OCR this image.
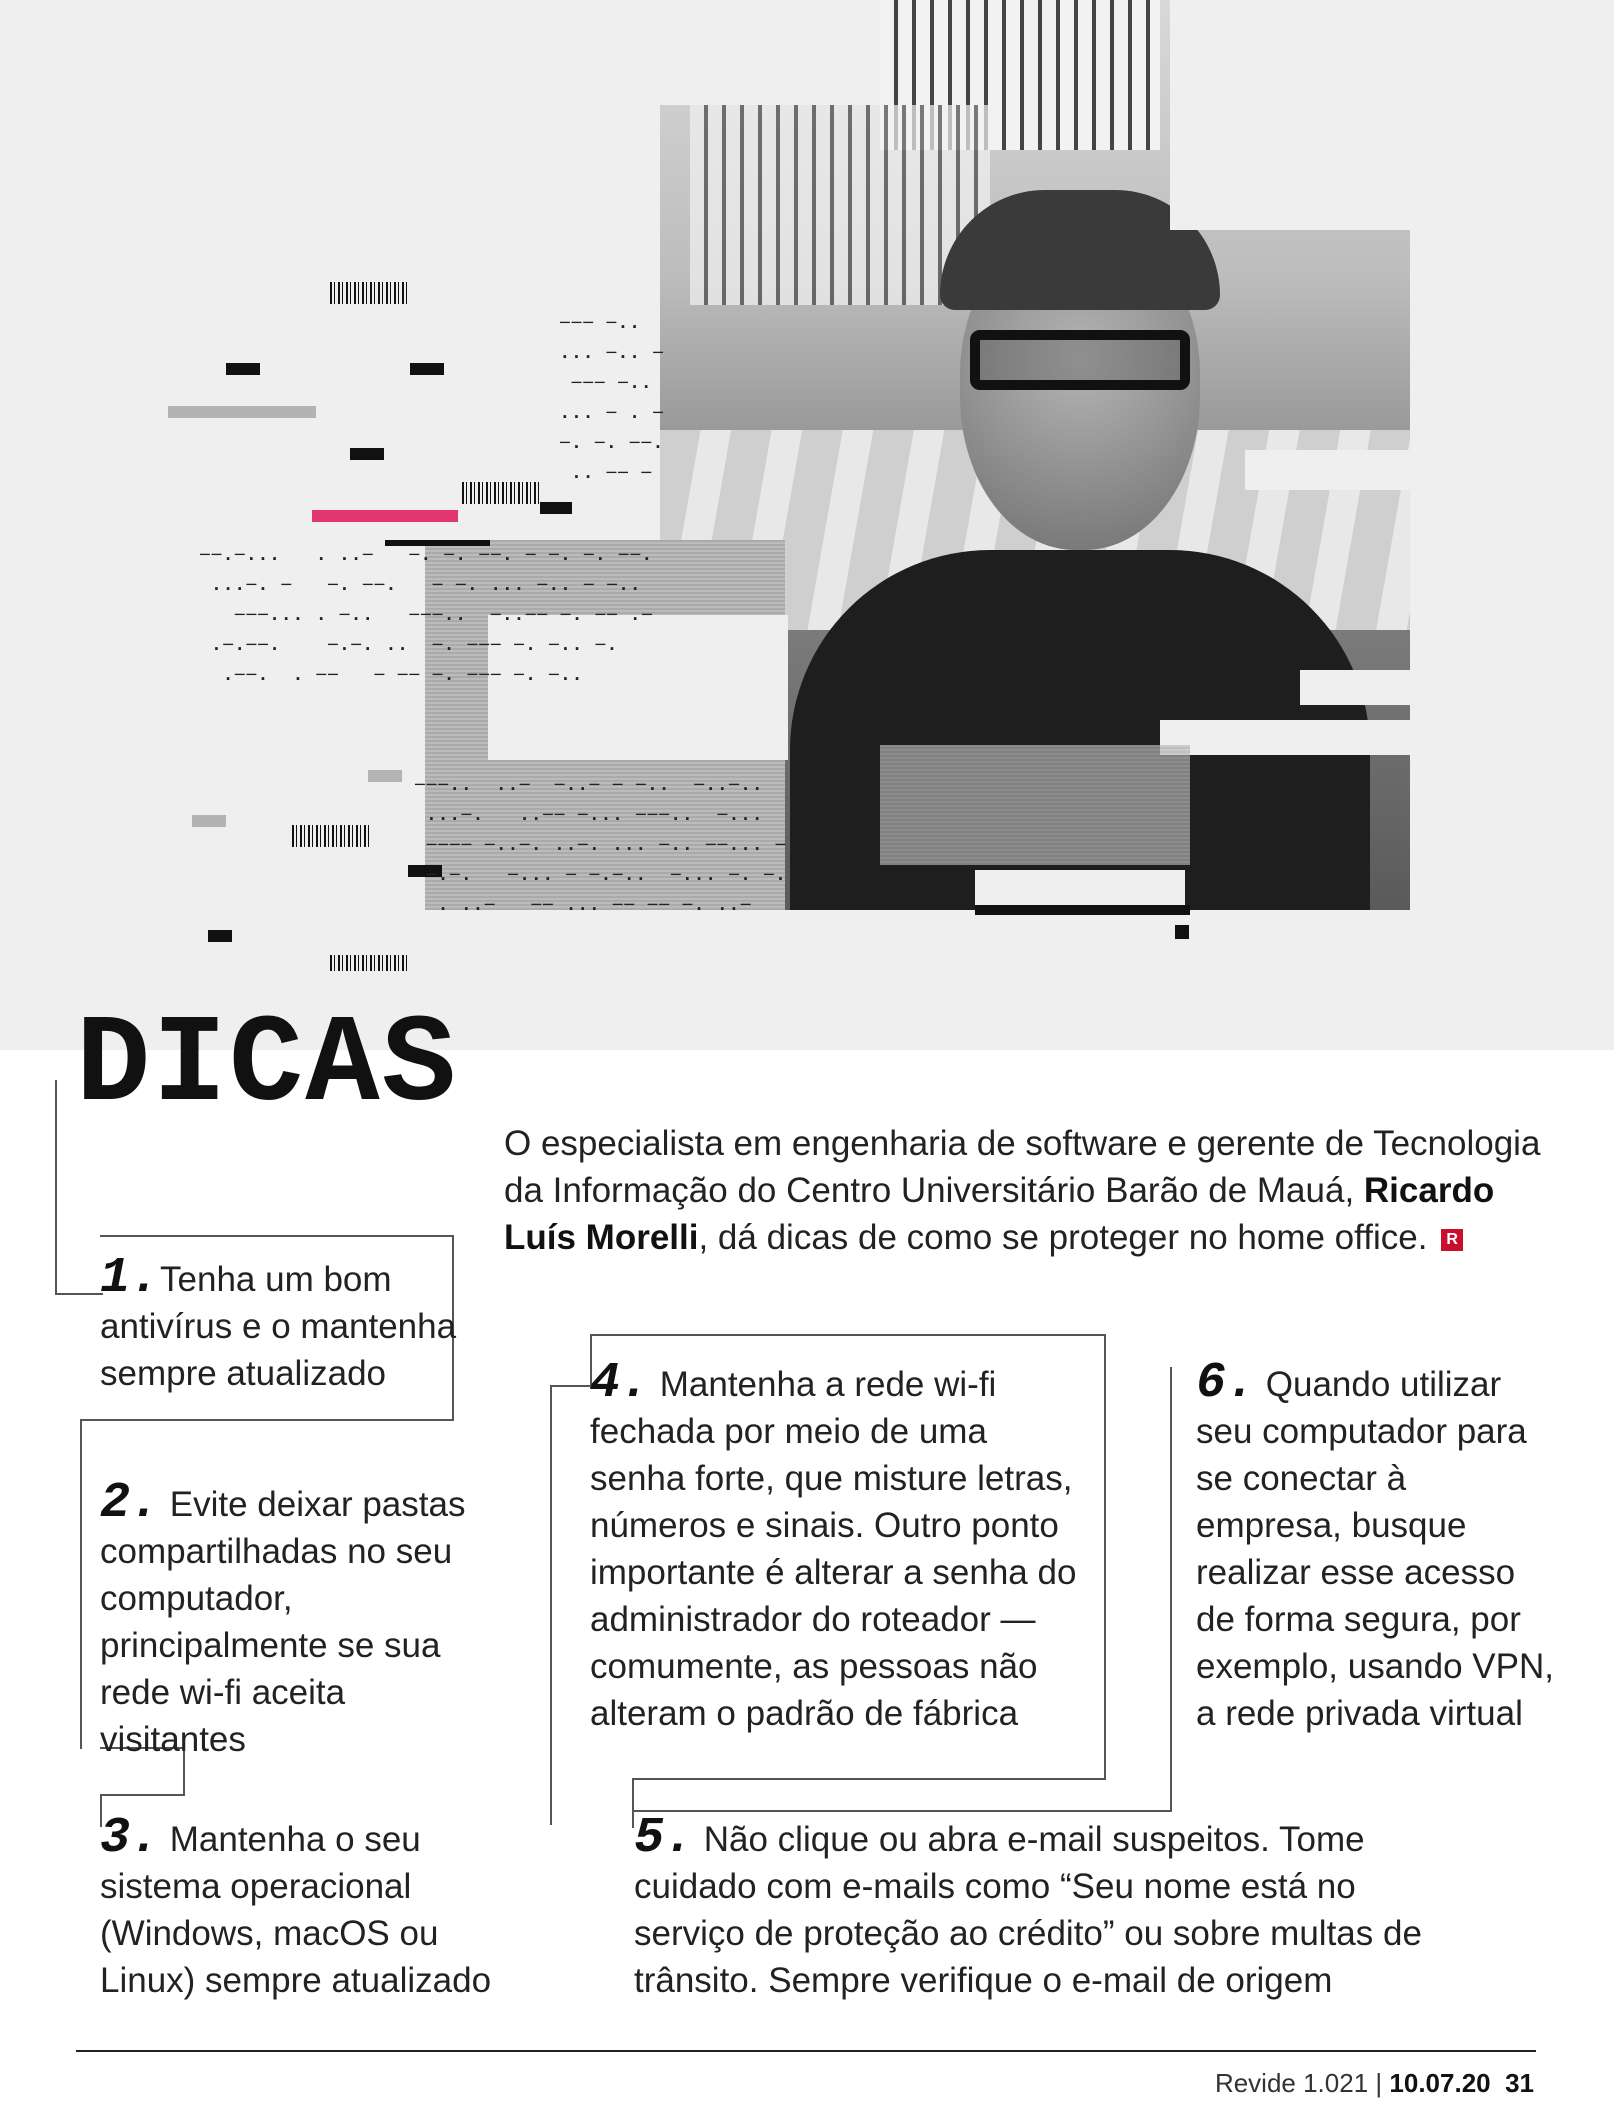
─── ─..
... ─.. ─
─── ─..
... ─ . ─
─. ─. ──.
.. ── ─
──.─...   . ..─   ─. ─. ──. ─ ─. ─. ──.
...─. ─   ─. ──.   ─ ─. ... ─.. ─ ─..
───... . ─..   ───..  ─..── ─. ── .─
.─.──.    ─.─. ..  ─. ─── ─. ─.. ─.
.──.  . ──   ─ ── ─. ─── ─. ─..
───..  ..─  ─..─ ─ ─..  ─..─..
...─.   ..── ─... ───..  ─...
──── ─..─. ..─. ... ─.. ──... ─.
─.─.   ─... ─ ─.─..  ─... ─. ─.
. ..─   ── ... ── ── ─. ..─
DICAS

O especialista em engenharia de software e gerente de Tecnologia da Informação do Centro Universitário Barão de Mauá, Ricardo Luís Morelli, dá dicas de como se proteger no home office. R

1.Tenha um bom antivírus e o mantenha sempre atualizado

2. Evite deixar pastas compartilhadas no seu computador, principalmente se sua rede wi-fi aceita visitantes

3. Mantenha o seu sistema operacional (Windows, macOS ou Linux) sempre atualizado

4. Mantenha a rede wi-fi fechada por meio de uma senha forte, que misture letras, números e sinais. Outro ponto importante é alterar a senha do administrador do roteador — comumente, as pessoas não alteram o padrão de fábrica

5. Não clique ou abra e-mail suspeitos. Tome cuidado com e-mails como “Seu nome está no serviço de proteção ao crédito” ou sobre multas de trânsito. Sempre verifique o e-mail de origem

6. Quando utilizar seu computador para se conectar à empresa, busque realizar esse acesso de forma segura, por exemplo, usando VPN, a rede privada virtual

Revide 1.021 | 10.07.20 31
